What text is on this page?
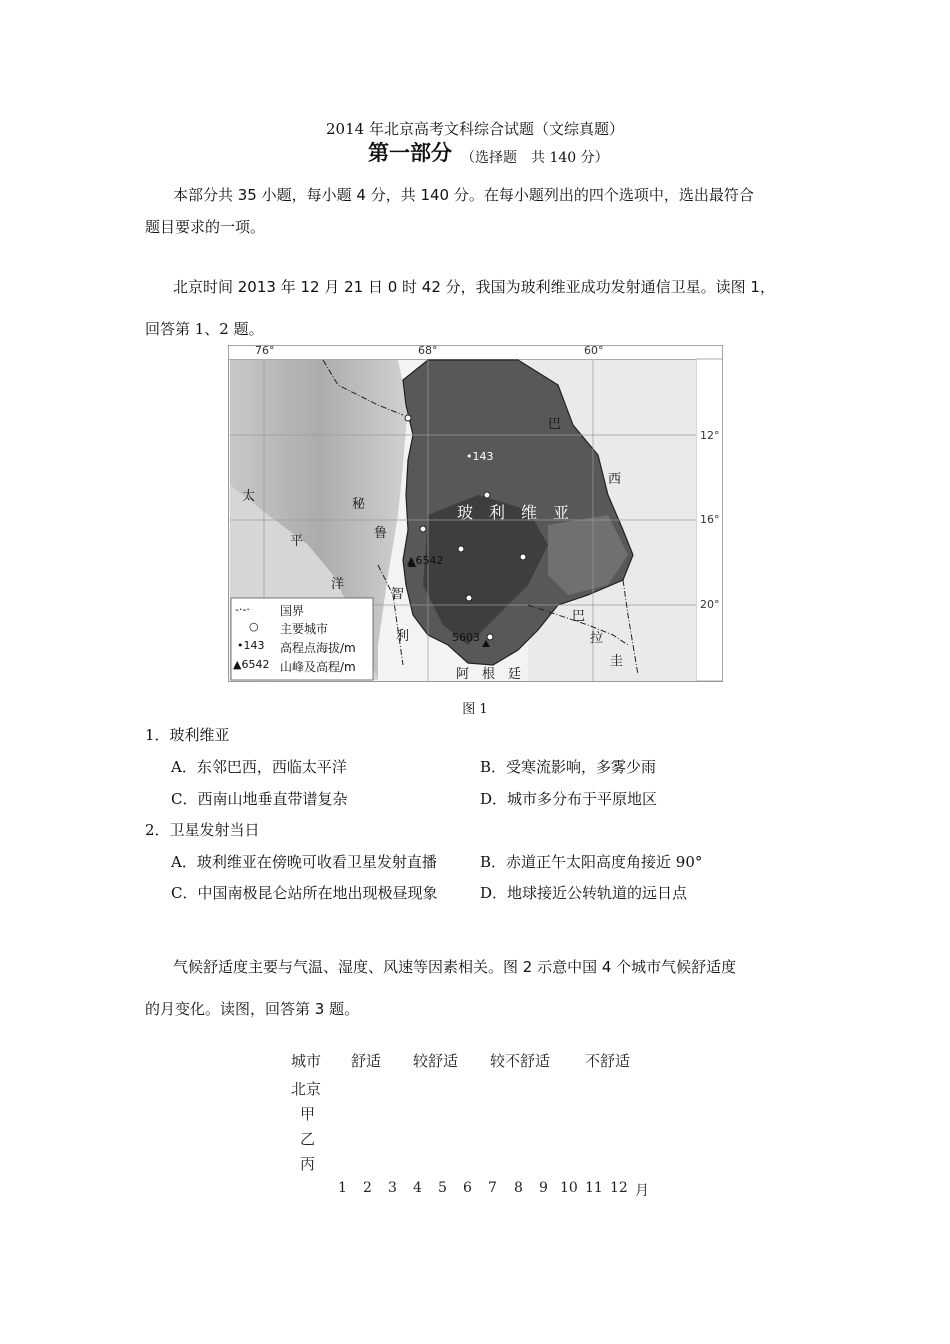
2014 年北京高考文科综合试题（文综真题）
第一部分 （选择题　共 140 分）
本部分共 35 小题，每小题 4 分，共 140 分。在每小题列出的四个选项中，选出最符合
题目要求的一项。
北京时间 2013 年 12 月 21 日 0 时 42 分，我国为玻利维亚成功发射通信卫星。读图 1，
回答第 1、2 题。
76°	68°	60°
12°
16°
20°
玻　利　维　亚
巴
西
太
平
洋
秘
鲁
智
利
巴
拉
圭
阿　根　廷
•143
▲6542
5603
-·-·	国界
○ 主要城市
•143 高程点海拔/m
▲6542 山峰及高程/m
图 1
1．玻利维亚
A．东邻巴西，西临太平洋	B．受寒流影响，多雾少雨
C．西南山地垂直带谱复杂	D．城市多分布于平原地区
2．卫星发射当日
A．玻利维亚在傍晚可收看卫星发射直播	B．赤道正午太阳高度角接近 90°
C．中国南极昆仑站所在地出现极昼现象	D．地球接近公转轨道的远日点
气候舒适度主要与气温、湿度、风速等因素相关。图 2 示意中国 4 个城市气候舒适度
的月变化。读图，回答第 3 题。
城市 舒适 较舒适 较不舒适 不舒适
北京
甲
乙
丙
1 2 3 4 5 6 7 8 9 10 11 12 月
